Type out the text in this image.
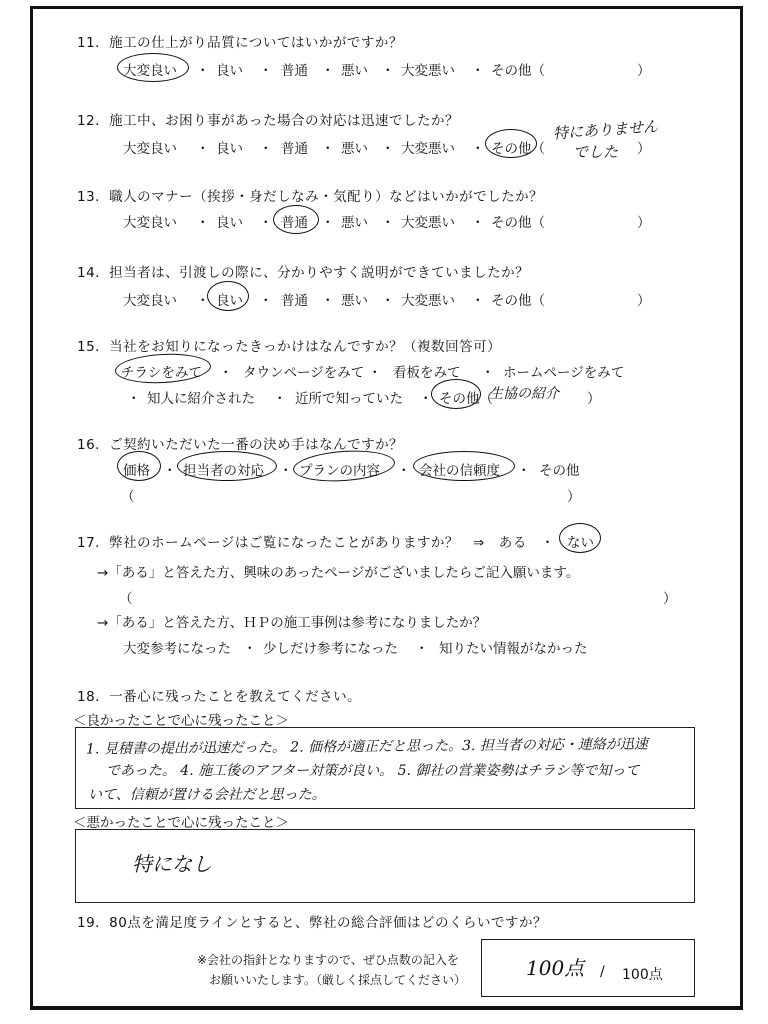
11．施工の仕上がり品質についてはいかがですか？
大変良い ・ 良い ・ 普通 ・ 悪い ・ 大変悪い ・ その他（	）
12．施工中、お困り事があった場合の対応は迅速でしたか？
大変良い ・ 良い ・ 普通 ・ 悪い ・ 大変悪い ・ その他（	）
特にありません
でした
13．職人のマナー（挨拶・身だしなみ・気配り）などはいかがでしたか？
大変良い ・ 良い ・ 普通 ・ 悪い ・ 大変悪い ・ その他（	）
14．担当者は、引渡しの際に、分かりやすく説明ができていましたか？
大変良い ・ 良い ・ 普通 ・ 悪い ・ 大変悪い ・ その他（	）
15．当社をお知りになったきっかけはなんですか？（複数回答可）
チラシをみて ・ タウンページをみて ・ 看板をみて ・ ホームページをみて
・ 知人に紹介された ・ 近所で知っていた ・ その他（	）
生協の紹介
16．ご契約いただいた一番の決め手はなんですか？
価格 ・ 担当者の対応 ・ プランの内容 ・ 会社の信頼度 ・ その他
（	）
17．弊社のホームページはご覧になったことがありますか？　⇒　ある　・ ない
→「ある」と答えた方、興味のあったページがございましたらご記入願います。
（	）
→「ある」と答えた方、ＨＰの施工事例は参考になりましたか？
大変参考になった ・ 少しだけ参考になった ・ 知りたい情報がなかった
18．一番心に残ったことを教えてください。
＜良かったことで心に残ったこと＞
1. 見積書の提出が迅速だった。 2. 価格が適正だと思った。3. 担当者の対応・連絡が迅速
であった。 4. 施工後のアフター対策が良い。 5. 御社の営業姿勢はチラシ等で知って
いて、信頼が置ける会社だと思った。
＜悪かったことで心に残ったこと＞
特になし
19．80点を満足度ラインとすると、弊社の総合評価はどのくらいですか？
※会社の指針となりますので、ぜひ点数の記入を
お願いいたします。（厳しく採点してください）	100点 / 100点
